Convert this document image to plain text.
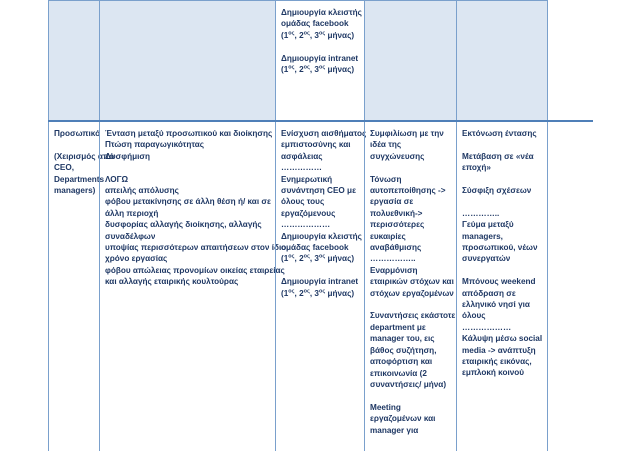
Δημιουργία κλειστής
ομάδας facebook
($1^{o\varsigma}$, $2^{o\varsigma}$, $3^{o\varsigma}$ μήνας)
Δημιουργία intranet
($1^{o\varsigma}$, $2^{o\varsigma}$, $3^{o\varsigma}$ μήνας)
Προσωπικό
(Χειρισμός από
CEO,
Departments
managers)
Ένταση μεταξύ προσωπικού και διοίκησης
Πτώση παραγωγικότητας
Δυσφήμιση
ΛΟΓΩ
απειλής απόλυσης
φόβου μετακίνησης σε άλλη θέση ή/ και σε
άλλη περιοχή
δυσφορίας αλλαγής διοίκησης, αλλαγής
συναδέλφων
υποψίας περισσότερων απαιτήσεων στον ίδιο
χρόνο εργασίας
φόβου απώλειας προνομίων οικείας εταιρείας
και αλλαγής εταιρικής κουλτούρας
Ενίσχυση αισθήματος
εμπιστοσύνης και
ασφάλειας
……………
Ενημερωτική
συνάντηση CEO με
όλους τους
εργαζόμενους
………………
Δημιουργία κλειστής
ομάδας facebook
($1^{o\varsigma}$, $2^{o\varsigma}$, $3^{o\varsigma}$ μήνας)
Δημιουργία intranet
($1^{o\varsigma}$, $2^{o\varsigma}$, $3^{o\varsigma}$ μήνας)
Συμφιλίωση με την
ιδέα της
συγχώνευσης
Τόνωση
αυτοπεποίθησης ->
εργασία σε
πολυεθνική->
περισσότερες
ευκαιρίες
αναβάθμισης
……………..
Εναρμόνιση
εταιρικών στόχων και
στόχων εργαζομένων
Συναντήσεις εκάστοτε
department με
manager του, εις
βάθος συζήτηση,
αποφόρτιση και
επικοινωνία (2
συναντήσεις/ μήνα)
Meeting
εργαζομένων και
manager για
Εκτόνωση έντασης
Μετάβαση σε «νέα
εποχή»
Σύσφιξη σχέσεων
…………..
Γεύμα μεταξύ
managers,
προσωπικού, νέων
συνεργατών
Μπόνους weekend
απόδραση σε
ελληνικό νησί για
όλους
………………
Κάλυψη μέσω social
media -> ανάπτυξη
εταιρικής εικόνας,
εμπλοκή κοινού
